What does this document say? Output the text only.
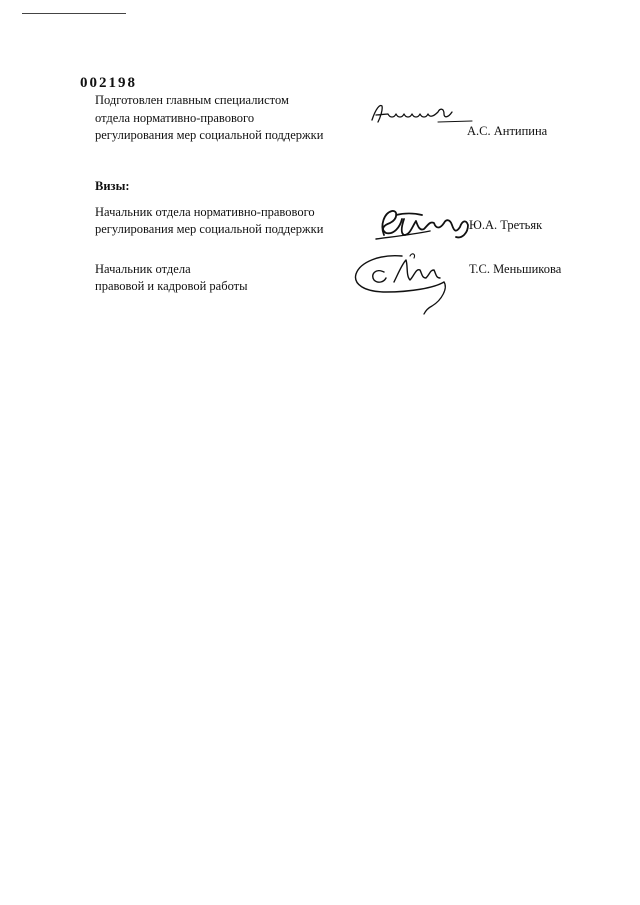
002198
Подготовлен главным специалистом
отдела нормативно-правового
регулирования мер социальной поддержки	А.С. Антипина
Визы:
Начальник отдела нормативно-правового
регулирования мер социальной поддержки	Ю.А. Третьяк
Начальник отдела
правовой и кадровой работы
Т.С. Меньшикова
